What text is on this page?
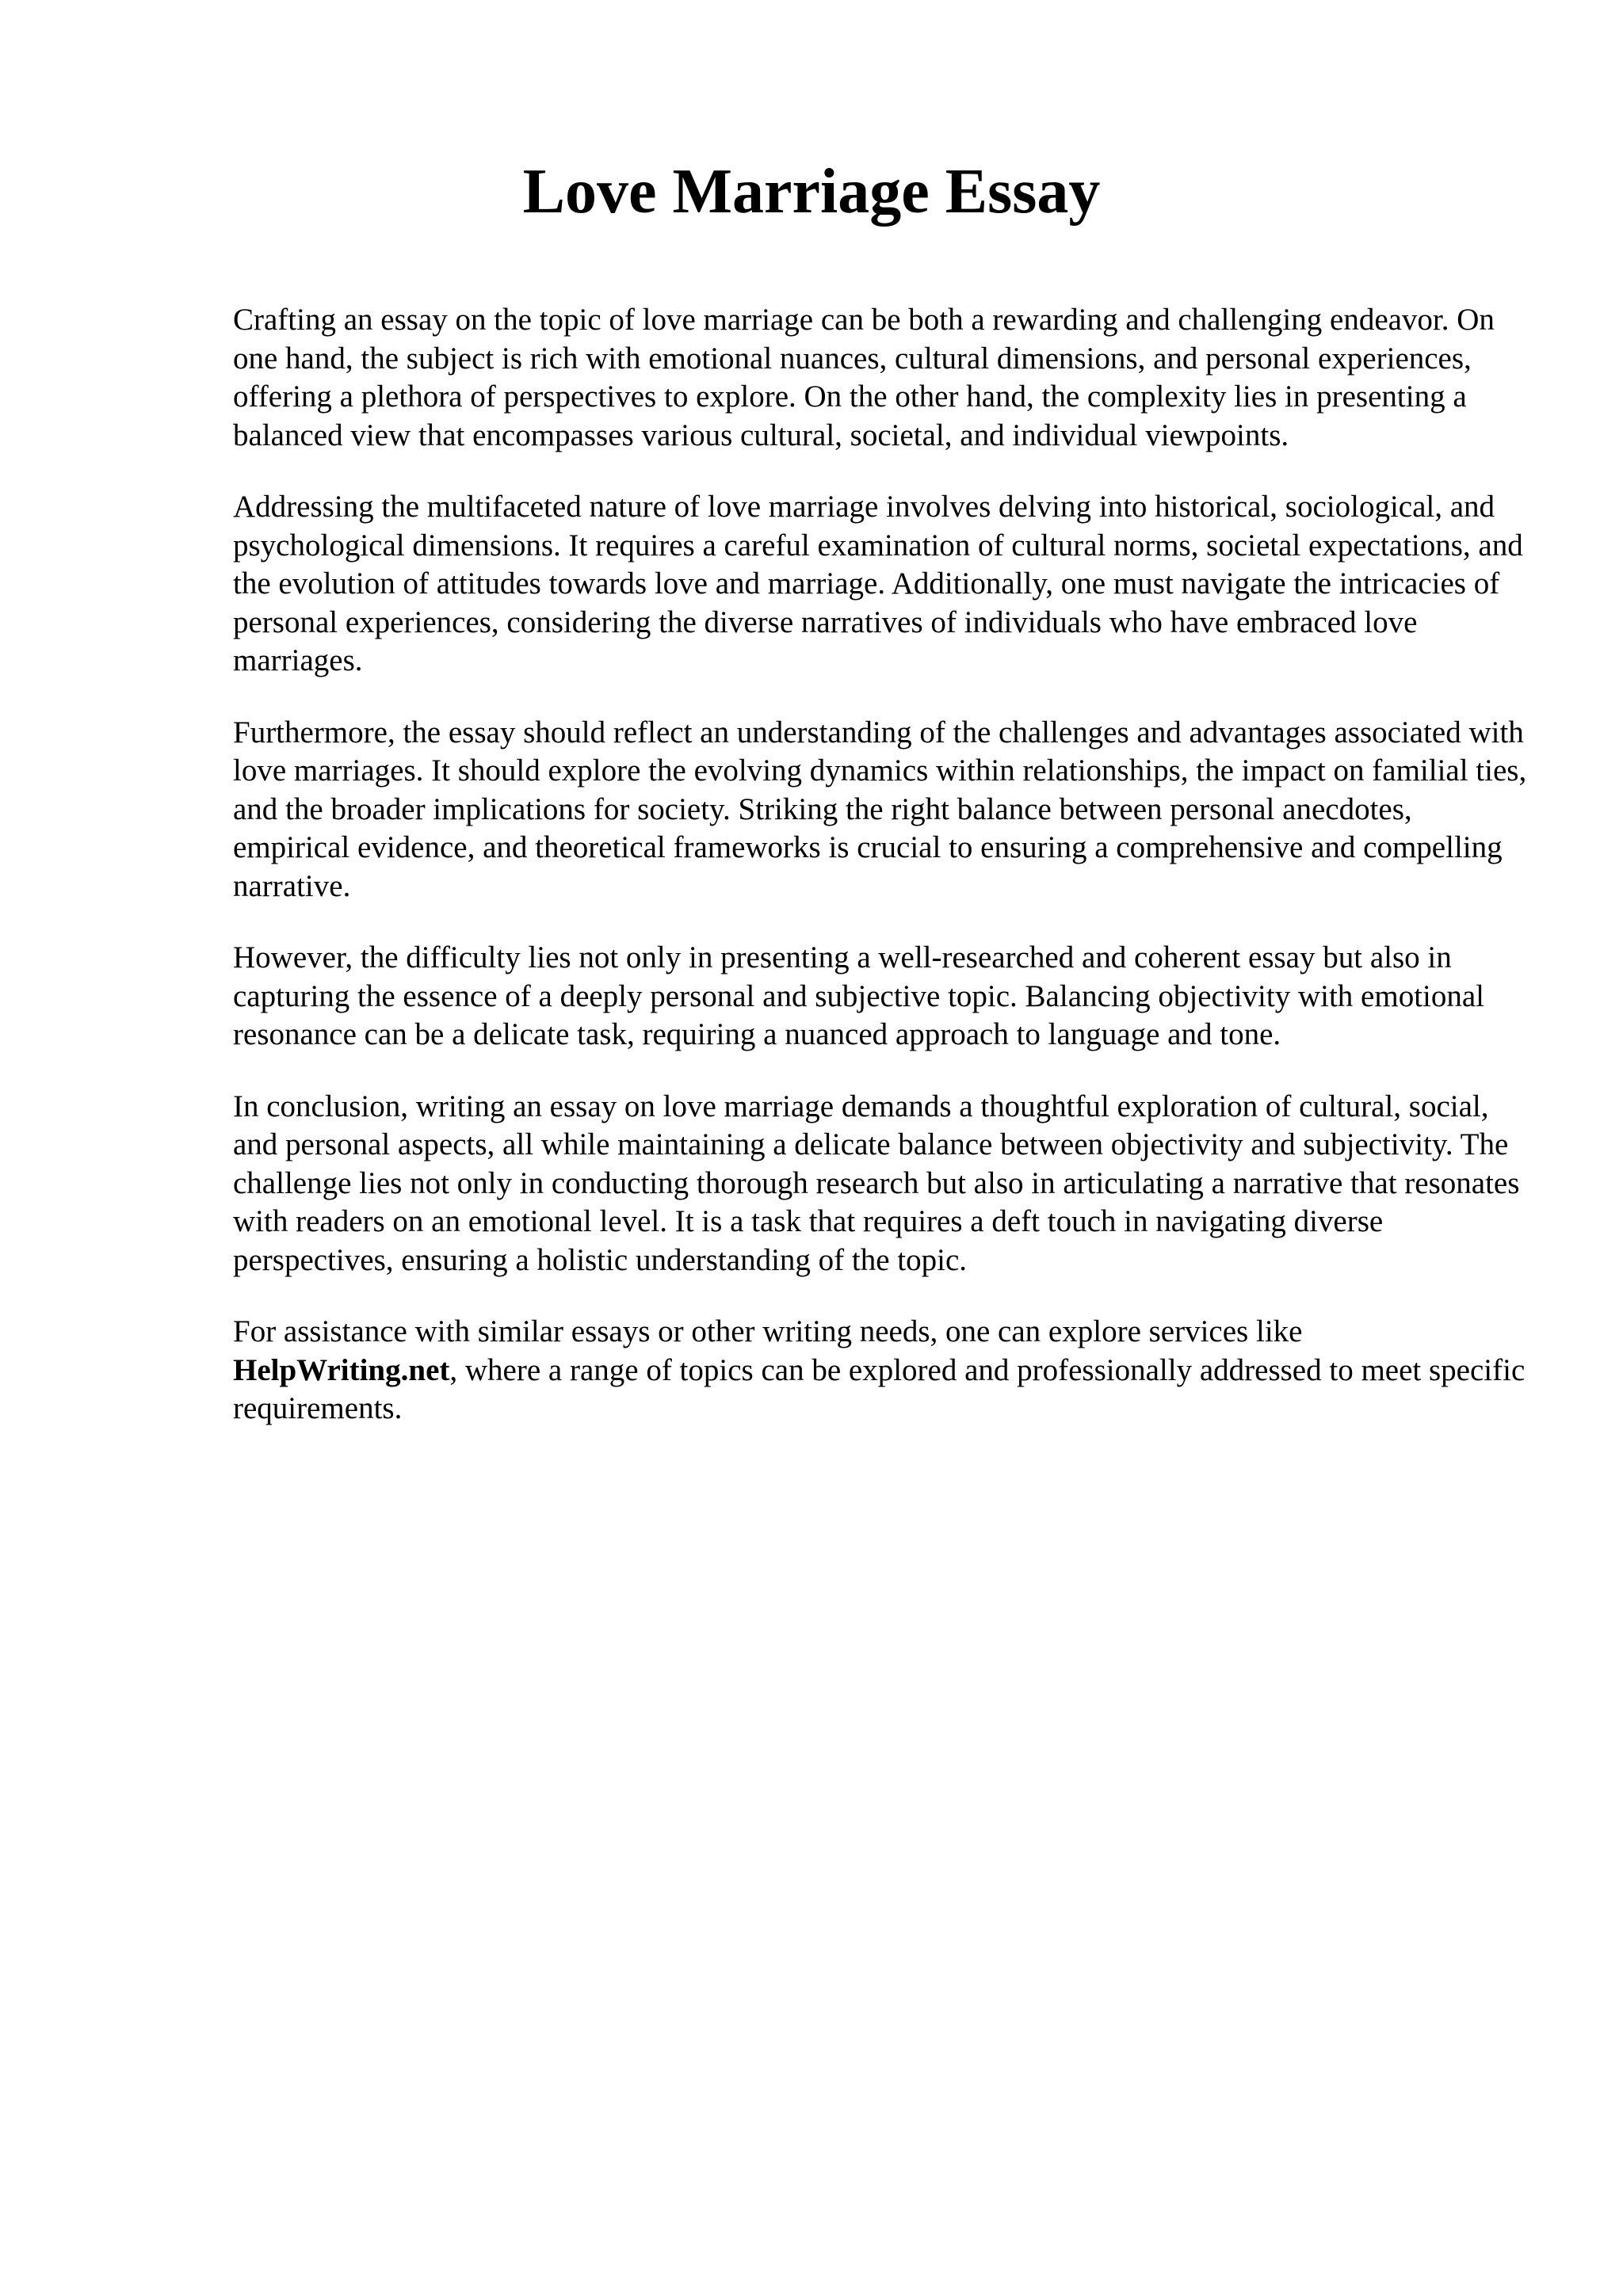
Love Marriage Essay

Crafting an essay on the topic of love marriage can be both a rewarding and challenging endeavor. On one hand, the subject is rich with emotional nuances, cultural dimensions, and personal experiences, offering a plethora of perspectives to explore. On the other hand, the complexity lies in presenting a balanced view that encompasses various cultural, societal, and individual viewpoints.

Addressing the multifaceted nature of love marriage involves delving into historical, sociological, and psychological dimensions. It requires a careful examination of cultural norms, societal expectations, and the evolution of attitudes towards love and marriage. Additionally, one must navigate the intricacies of personal experiences, considering the diverse narratives of individuals who have embraced love marriages.

Furthermore, the essay should reflect an understanding of the challenges and advantages associated with love marriages. It should explore the evolving dynamics within relationships, the impact on familial ties, and the broader implications for society. Striking the right balance between personal anecdotes, empirical evidence, and theoretical frameworks is crucial to ensuring a comprehensive and compelling narrative.

However, the difficulty lies not only in presenting a well-researched and coherent essay but also in capturing the essence of a deeply personal and subjective topic. Balancing objectivity with emotional resonance can be a delicate task, requiring a nuanced approach to language and tone.

In conclusion, writing an essay on love marriage demands a thoughtful exploration of cultural, social, and personal aspects, all while maintaining a delicate balance between objectivity and subjectivity. The challenge lies not only in conducting thorough research but also in articulating a narrative that resonates with readers on an emotional level. It is a task that requires a deft touch in navigating diverse perspectives, ensuring a holistic understanding of the topic.

For assistance with similar essays or other writing needs, one can explore services like HelpWriting.net, where a range of topics can be explored and professionally addressed to meet specific requirements.
